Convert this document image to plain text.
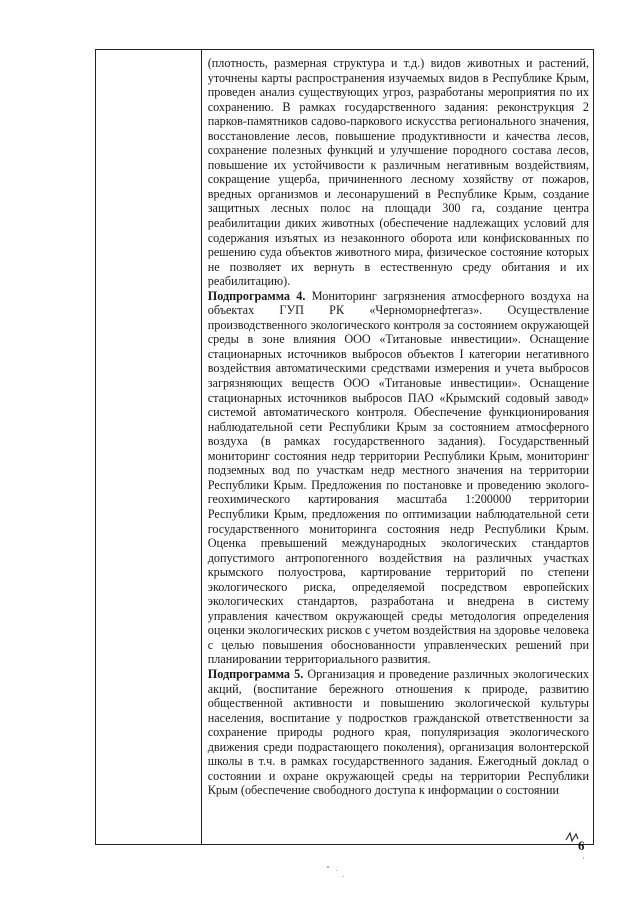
(плотность, размерная структура и т.д.) видов животных и растений, уточнены карты распространения изучаемых видов в Республике Крым, проведен анализ существующих угроз, разработаны мероприятия по их сохранению. В рамках государственного задания: реконструкция 2 парков-памятников садово-паркового искусства регионального значения, восстановление лесов, повышение продуктивности и качества лесов, сохранение полезных функций и улучшение породного состава лесов, повышение их устойчивости к различным негативным воздействиям, сокращение ущерба, причиненного лесному хозяйству от пожаров, вредных организмов и лесонарушений в Республике Крым, создание защитных лесных полос на площади 300 га, создание центра реабилитации диких животных (обеспечение надлежащих условий для содержания изъятых из незаконного оборота или конфискованных по решению суда объектов животного мира, физическое состояние которых не позволяет их вернуть в естественную среду обитания и их реабилитацию).

Подпрограмма 4. Мониторинг загрязнения атмосферного воздуха на объектах ГУП РК «Черноморнефтегаз». Осуществление производственного экологического контроля за состоянием окружающей среды в зоне влияния ООО «Титановые инвестиции». Оснащение стационарных источников выбросов объектов I категории негативного воздействия автоматическими средствами измерения и учета выбросов загрязняющих веществ ООО «Титановые инвестиции». Оснащение стационарных источников выбросов ПАО «Крымский содовый завод» системой автоматического контроля. Обеспечение функционирования наблюдательной сети Республики Крым за состоянием атмосферного воздуха (в рамках государственного задания). Государственный мониторинг состояния недр территории Республики Крым, мониторинг подземных вод по участкам недр местного значения на территории Республики Крым. Предложения по постановке и проведению эколого-геохимического картирования масштаба 1:200000 территории Республики Крым, предложения по оптимизации наблюдательной сети государственного мониторинга состояния недр Республики Крым. Оценка превышений международных экологических стандартов допустимого антропогенного воздействия на различных участках крымского полуострова, картирование территорий по степени экологического риска, определяемой посредством европейских экологических стандартов, разработана и внедрена в систему управления качеством окружающей среды методология определения оценки экологических рисков с учетом воздействия на здоровье человека с целью повышения обоснованности управленческих решений при планировании территориального развития.

Подпрограмма 5. Организация и проведение различных экологических акций, (воспитание бережного отношения к природе, развитию общественной активности и повышению экологической культуры населения, воспитание у подростков гражданской ответственности за сохранение природы родного края, популяризация экологического движения среди подрастающего поколения), организация волонтерской школы в т.ч. в рамках государственного задания. Ежегодный доклад о состоянии и охране окружающей среды на территории Республики Крым (обеспечение свободного доступа к информации о состоянии

6
